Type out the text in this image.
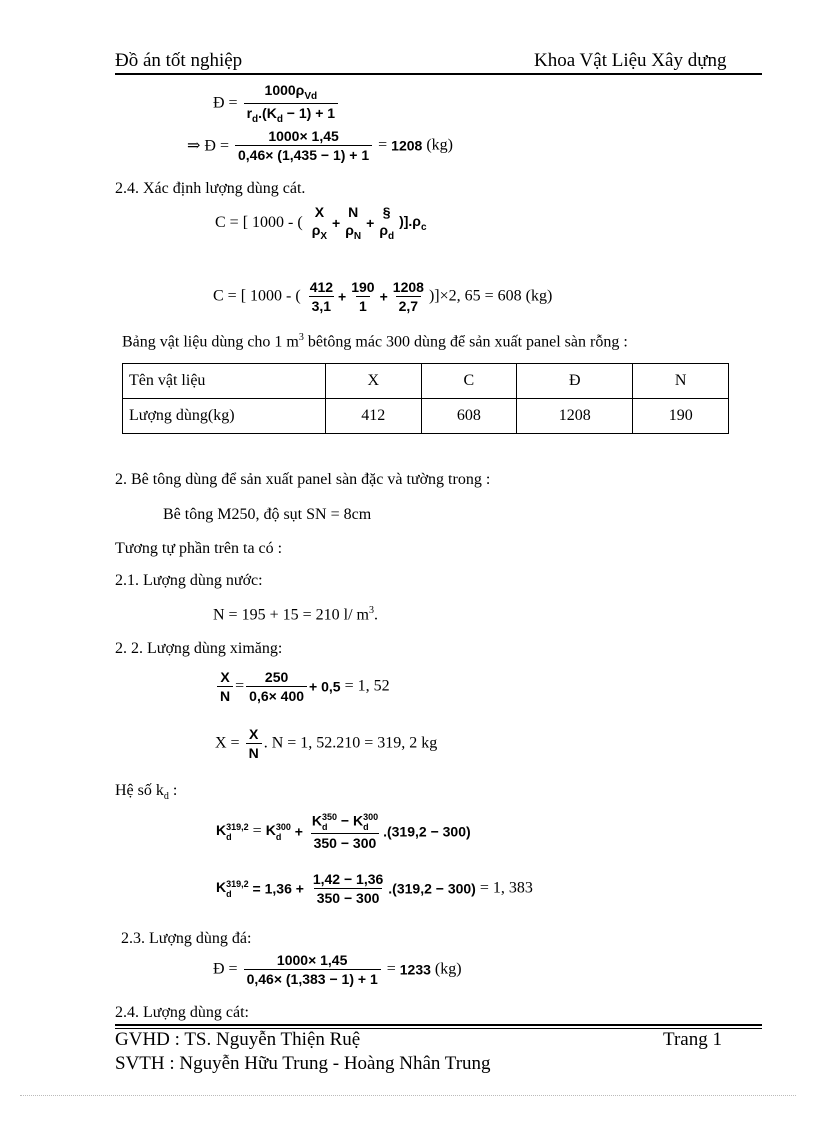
Đồ án tốt nghiệp	Khoa Vật Liệu Xây dựng
Đ = $\frac{1000\rho_{Vd}}{r_d.(K_d - 1) + 1}$
⇒ Đ = $\frac{1000\times 1,45}{0,46\times (1,435 - 1) + 1} = 1208$ (kg)
2.4. Xác định lượng dùng cát.
C = [ 1000 - (
X
$\rho_X$
+
N
$\rho_N$
+
§
$\rho_d$
)]$.\rho_c$
C = [ 1000 - ( $\frac{412}{3,1} + \frac{190}{1} + \frac{1208}{2,7} )]\times 2$, 65 = 608 (kg)
Bảng vật liệu dùng cho 1 $m^3$ bêtông mác 300 dùng để sản xuất panel sàn rỗng :
Tên vật liệu	X	C	Đ	N
Lượng dùng(kg)	412	608	1208	190
2. Bê tông dùng để sản xuất panel sàn đặc và tường trong :
Bê tông M250, độ sụt SN = 8cm
Tương tự phần trên ta có :
2.1. Lượng dùng nước:
N = 195 + 15 = 210 l/ $m^3$.
2. 2. Lượng dùng ximăng:
$\frac{X}{N} = \frac{250}{0,6\times 400} + 0,5 = 1$, 52
$X = \frac{X}{N}$ . N = 1, 52.210 = 319, 2 kg
Hệ số $k_d$ :
K 319,2
d	= K 300
d + K 350
d − K 300
d
350 − 300 .(319,2 − 300)
K 319,2
d	= $1,36 + \frac{1,42 - 1,36}{350 - 300} .(319,2 - 300) = 1$, 383
2.3. Lượng dùng đá:
Đ = $\frac{1000\times 1,45}{0,46\times (1,383 - 1) + 1} = 1233$ (kg)
2.4. Lượng dùng cát:
GVHD : TS. Nguyễn Thiện Ruệ	Trang 1
SVTH : Nguyễn Hữu Trung - Hoàng Nhân Trung
